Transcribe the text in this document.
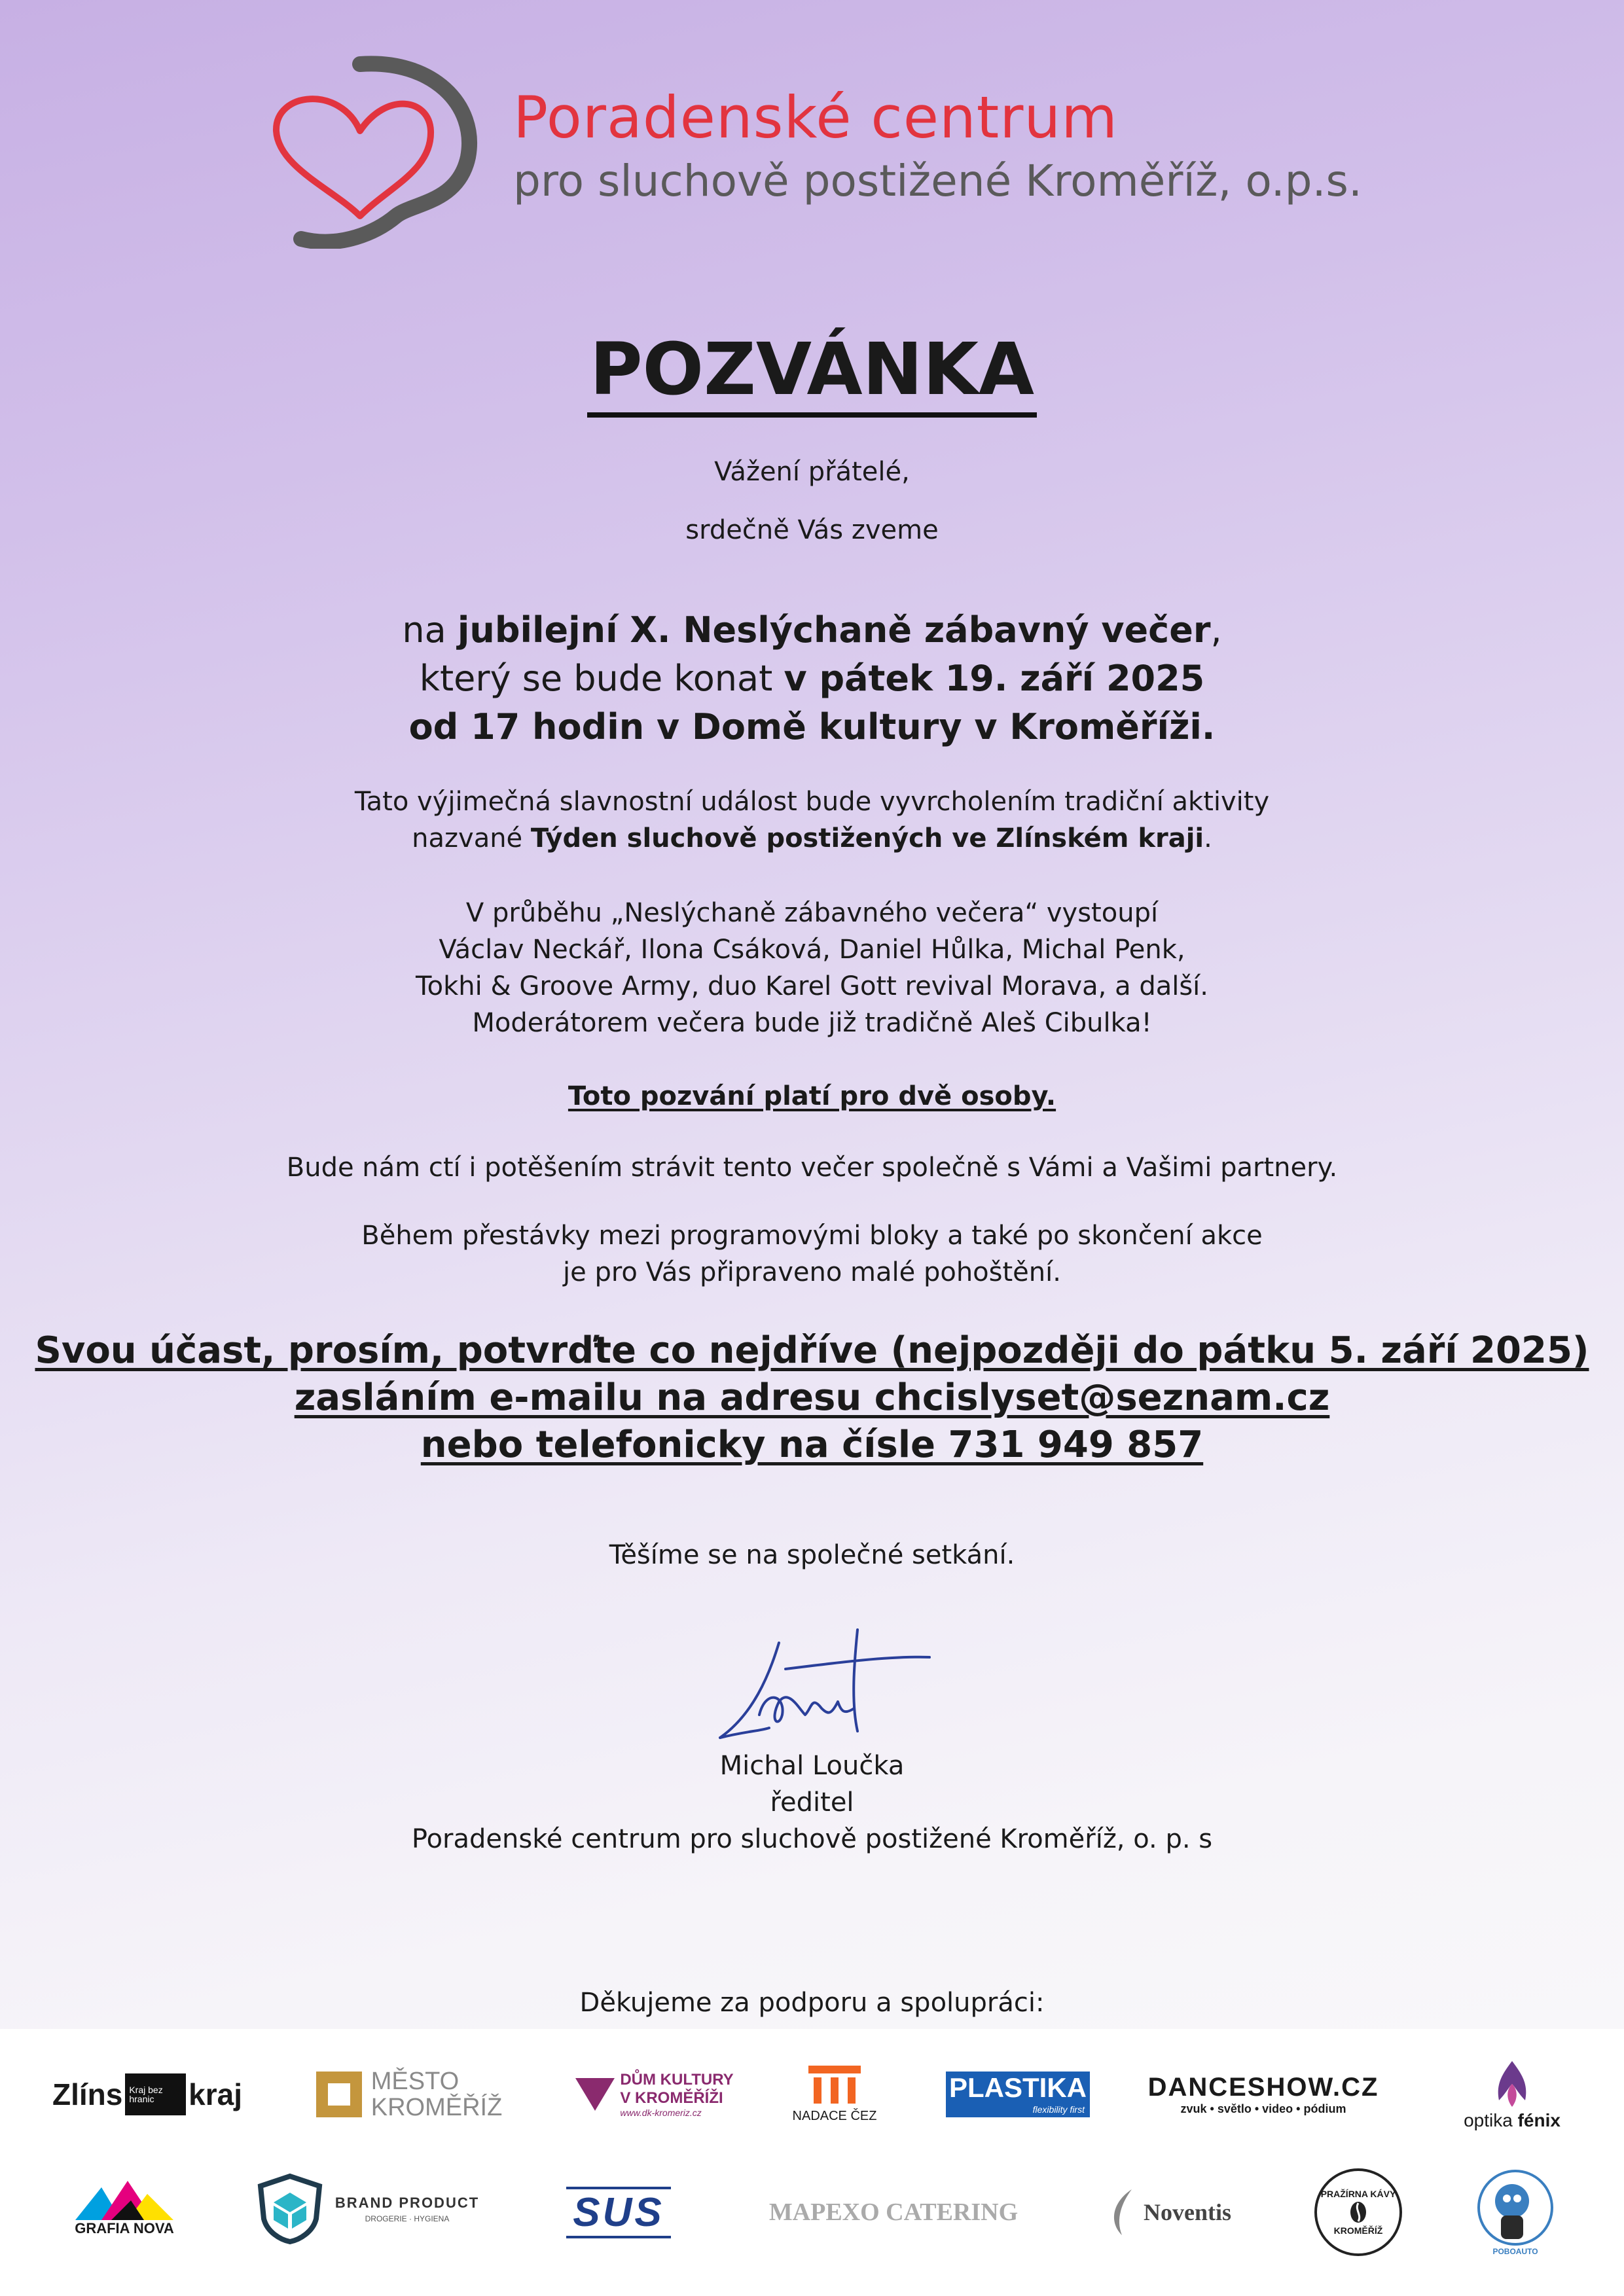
Poradenské centrum
pro sluchově postižené Kroměříž, o.p.s.
POZVÁNKA
Vážení přátelé,
srdečně Vás zveme
na jubilejní X. Neslýchaně zábavný večer,
který se bude konat v pátek 19. září 2025
od 17 hodin v Domě kultury v Kroměříži.
Tato výjimečná slavnostní událost bude vyvrcholením tradiční aktivity
nazvané Týden sluchově postižených ve Zlínském kraji.
V průběhu „Neslýchaně zábavného večera“ vystoupí
Václav Neckář, Ilona Csáková, Daniel Hůlka, Michal Penk,
Tokhi & Groove Army, duo Karel Gott revival Morava, a další.
Moderátorem večera bude již tradičně Aleš Cibulka!
Toto pozvání platí pro dvě osoby.
Bude nám ctí i potěšením strávit tento večer společně s Vámi a Vašimi partnery.
Během přestávky mezi programovými bloky a také po skončení akce
je pro Vás připraveno malé pohoštění.
Svou účast, prosím, potvrďte co nejdříve (nejpozději do pátku 5. září 2025)
zasláním e-mailu na adresu chcislyset@seznam.cz
nebo telefonicky na čísle 731 949 857
Těšíme se na společné setkání.
Michal Loučka
ředitel
Poradenské centrum pro sluchově postižené Kroměříž, o. p. s
Děkujeme za podporu a spolupráci:
Zlíns Kraj bez hranic	kraj	MĚSTO
KROMĚŘÍŽ
DŮM KULTURY
V KROMĚŘÍŽI
www.dk-kromeriz.cz	NADACE ČEZ
PLASTIKA
flexibility first
DANCESHOW.CZ
zvuk • světlo • video • pódium
optika fénix
GRAFIA NOVA
BRAND PRODUCT
DROGERIE · HYGIENA	SUS	MAPEXO CATERING	Noventis
PRAŽÍRNA KÁVY
KROMĚŘÍŽ
POBOAUTO
